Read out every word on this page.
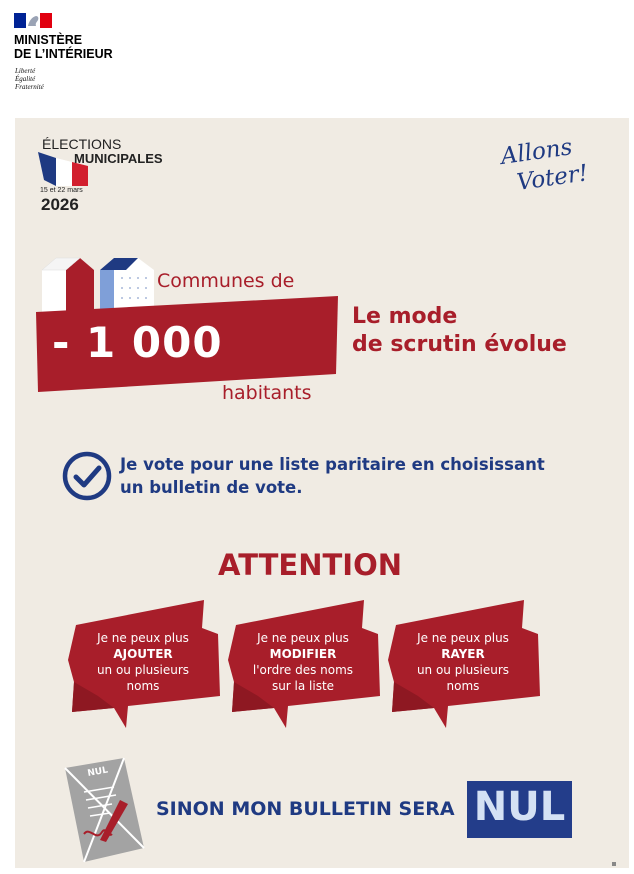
MINISTÈRE
DE L’INTÉRIEUR
Liberté
Égalité
Fraternité
ÉLECTIONS
MUNICIPALES
15 et 22 mars
2026
Allons
Voter!
Communes de
- 1 000
habitants
Le mode
de scrutin évolue
Je vote pour une liste paritaire en choisissant
un bulletin de vote.
ATTENTION
Je ne peux plus
AJOUTER
un ou plusieurs
noms
Je ne peux plus
MODIFIER
l'ordre des noms
sur la liste
Je ne peux plus
RAYER
un ou plusieurs
noms
NUL
SINON MON BULLETIN SERA NUL
